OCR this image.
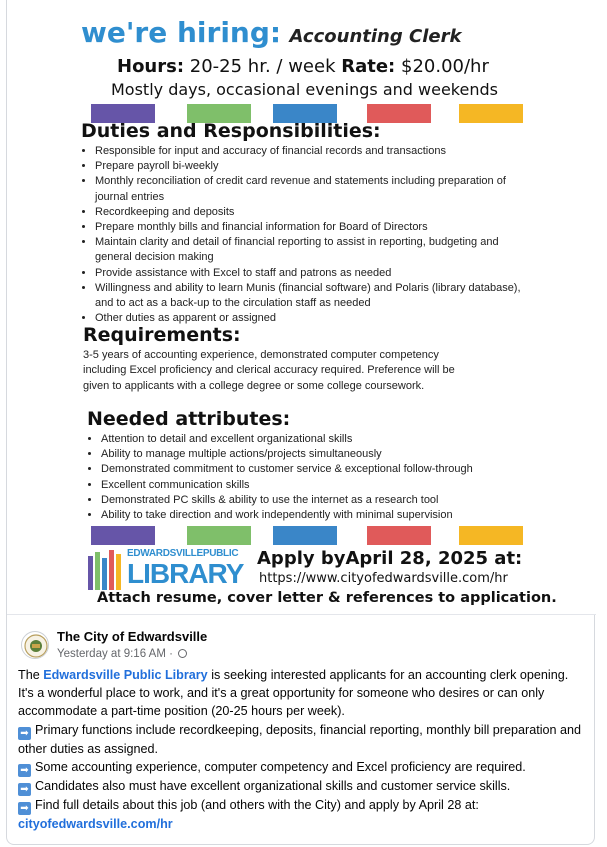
we're hiring: Accounting Clerk
Hours: 20-25 hr. / week Rate: $20.00/hr
Mostly days, occasional evenings and weekends
Duties and Responsibilities:
• Responsible for input and accuracy of financial records and transactions
• Prepare payroll bi-weekly
• Monthly reconciliation of credit card revenue and statements including preparation of journal entries
• Recordkeeping and deposits
• Prepare monthly bills and financial information for Board of Directors
• Maintain clarity and detail of financial reporting to assist in reporting, budgeting and general decision making
• Provide assistance with Excel to staff and patrons as needed
• Willingness and ability to learn Munis (financial software) and Polaris (library database), and to act as a back-up to the circulation staff as needed
• Other duties as apparent or assigned
Requirements:
3-5 years of accounting experience, demonstrated computer competency including Excel proficiency and clerical accuracy required. Preference will be given to applicants with a college degree or some college coursework.
Needed attributes:
• Attention to detail and excellent organizational skills
• Ability to manage multiple actions/projects simultaneously
• Demonstrated commitment to customer service & exceptional follow-through
• Excellent communication skills
• Demonstrated PC skills & ability to use the internet as a research tool
• Ability to take direction and work independently with minimal supervision
EDWARDSVILLEPUBLIC
LIBRARY Apply byApril 28, 2025 at:
https://www.cityofedwardsville.com/hr
Attach resume, cover letter & references to application.
The City of Edwardsville
Yesterday at 9:16 AM ·

The Edwardsville Public Library is seeking interested applicants for an accounting clerk opening. It's a wonderful place to work, and it's a great opportunity for someone who desires or can only accommodate a part-time position (20-25 hours per week).

➡ Primary functions include recordkeeping, deposits, financial reporting, monthly bill preparation and other duties as assigned.

➡ Some accounting experience, computer competency and Excel proficiency are required.

➡ Candidates also must have excellent organizational skills and customer service skills.

➡ Find full details about this job (and others with the City) and apply by April 28 at:

cityofedwardsville.com/hr
